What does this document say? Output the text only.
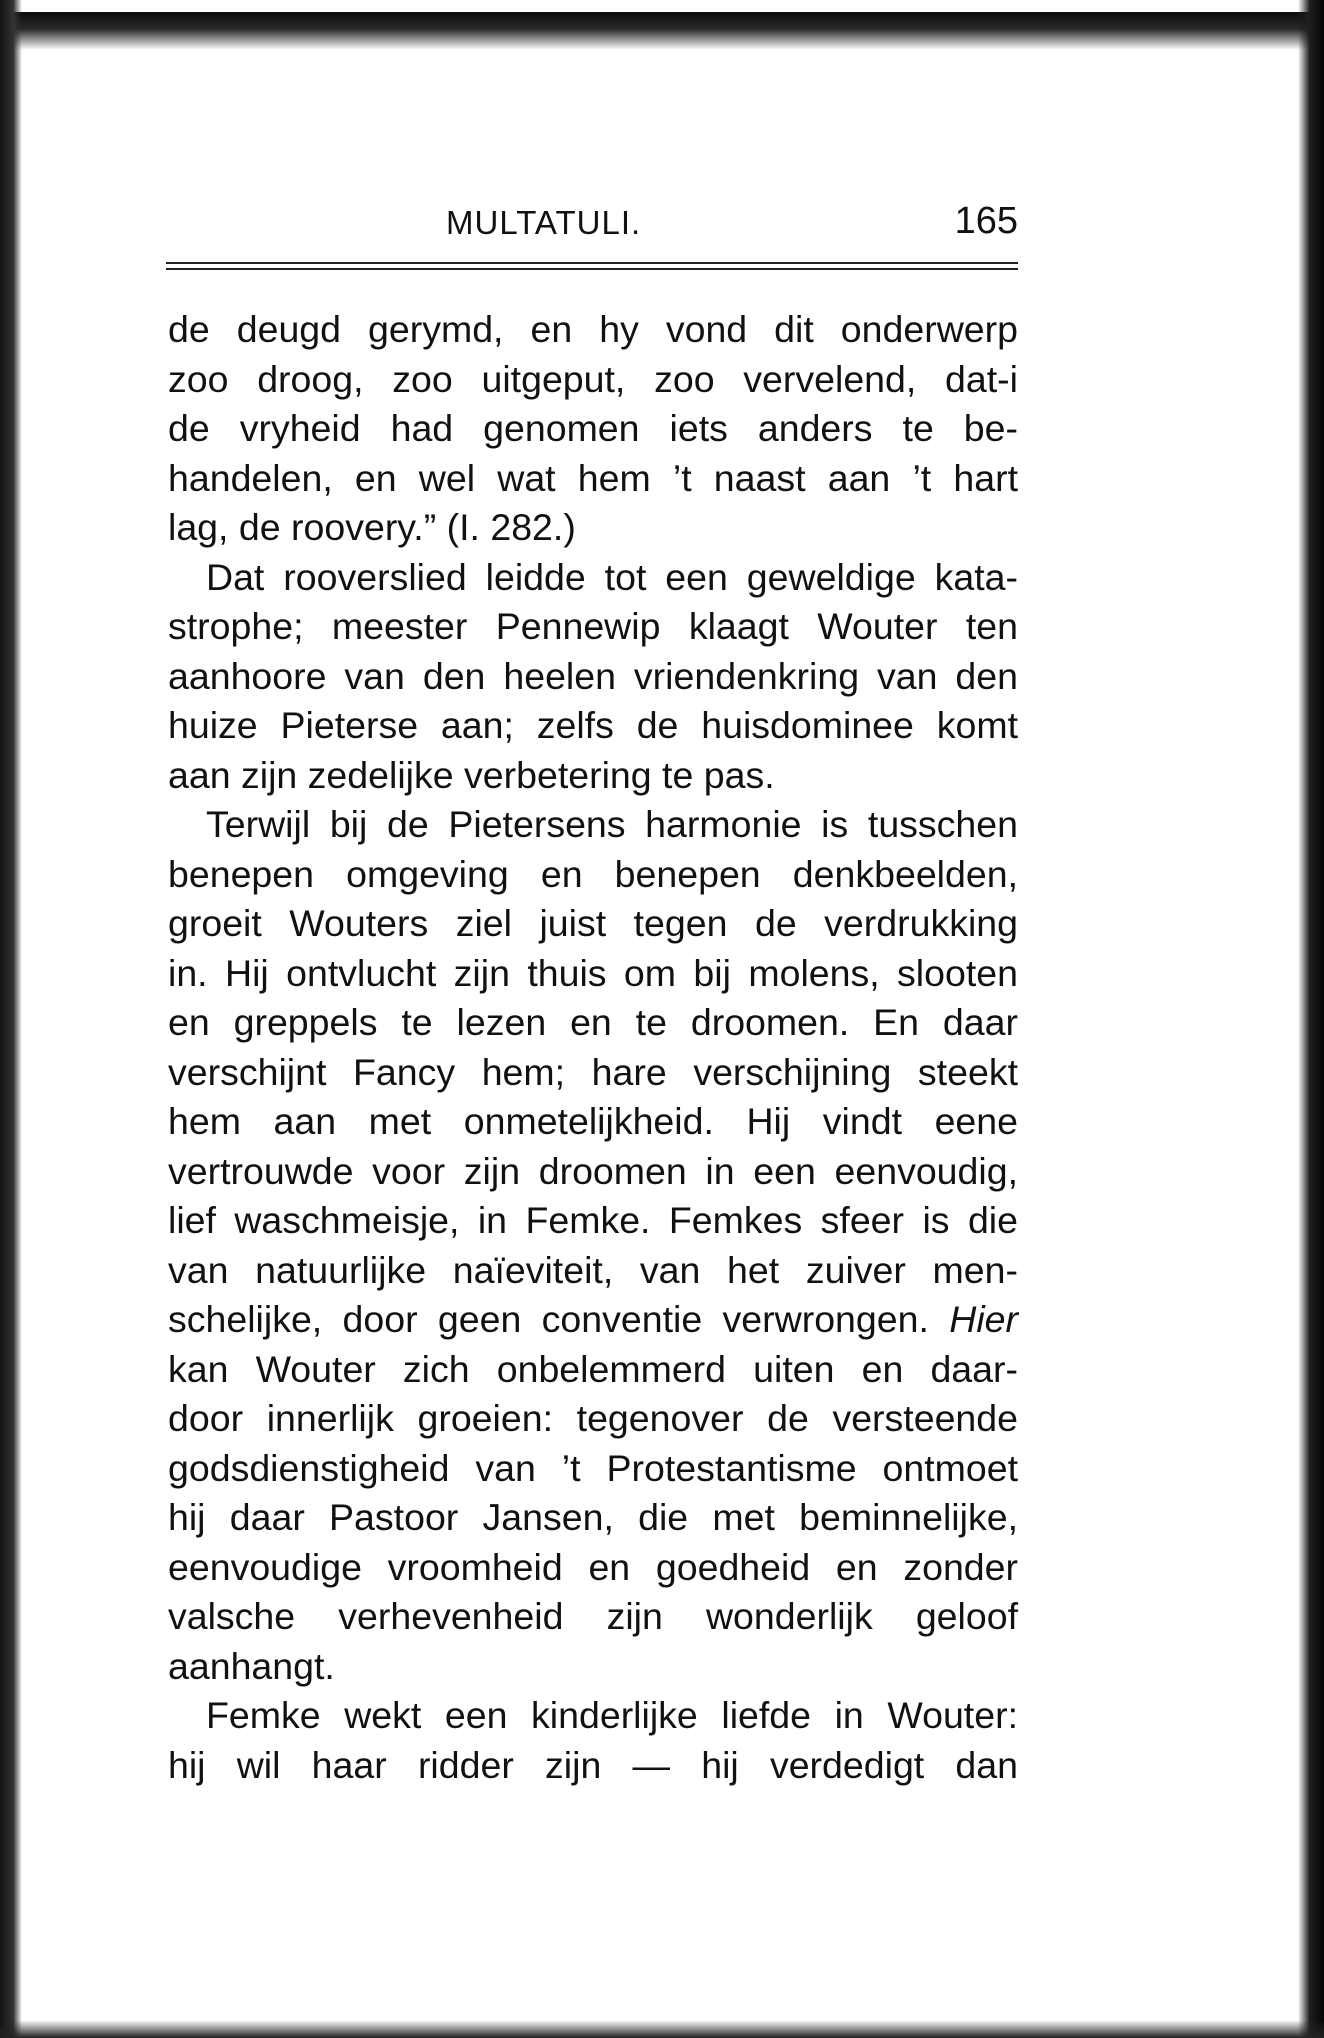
MULTATULI.	165
de deugd gerymd, en hy vond dit onderwerp
zoo droog, zoo uitgeput, zoo vervelend, dat-i
de vryheid had genomen iets anders te be-
handelen, en wel wat hem ’t naast aan ’t hart
lag, de roovery.” (I. 282.)
Dat rooverslied leidde tot een geweldige kata-
strophe; meester Pennewip klaagt Wouter ten
aanhoore van den heelen vriendenkring van den
huize Pieterse aan; zelfs de huisdominee komt
aan zijn zedelijke verbetering te pas.
Terwijl bij de Pietersens harmonie is tusschen
benepen omgeving en benepen denkbeelden,
groeit Wouters ziel juist tegen de verdrukking
in. Hij ontvlucht zijn thuis om bij molens, slooten
en greppels te lezen en te droomen. En daar
verschijnt Fancy hem; hare verschijning steekt
hem aan met onmetelijkheid. Hij vindt eene
vertrouwde voor zijn droomen in een eenvoudig,
lief waschmeisje, in Femke. Femkes sfeer is die
van natuurlijke naïeviteit, van het zuiver men-
schelijke, door geen conventie verwrongen. Hier
kan Wouter zich onbelemmerd uiten en daar-
door innerlijk groeien: tegenover de versteende
godsdienstigheid van ’t Protestantisme ontmoet
hij daar Pastoor Jansen, die met beminnelijke,
eenvoudige vroomheid en goedheid en zonder
valsche verhevenheid zijn wonderlijk geloof
aanhangt.
Femke wekt een kinderlijke liefde in Wouter:
hij wil haar ridder zijn — hij verdedigt dan
